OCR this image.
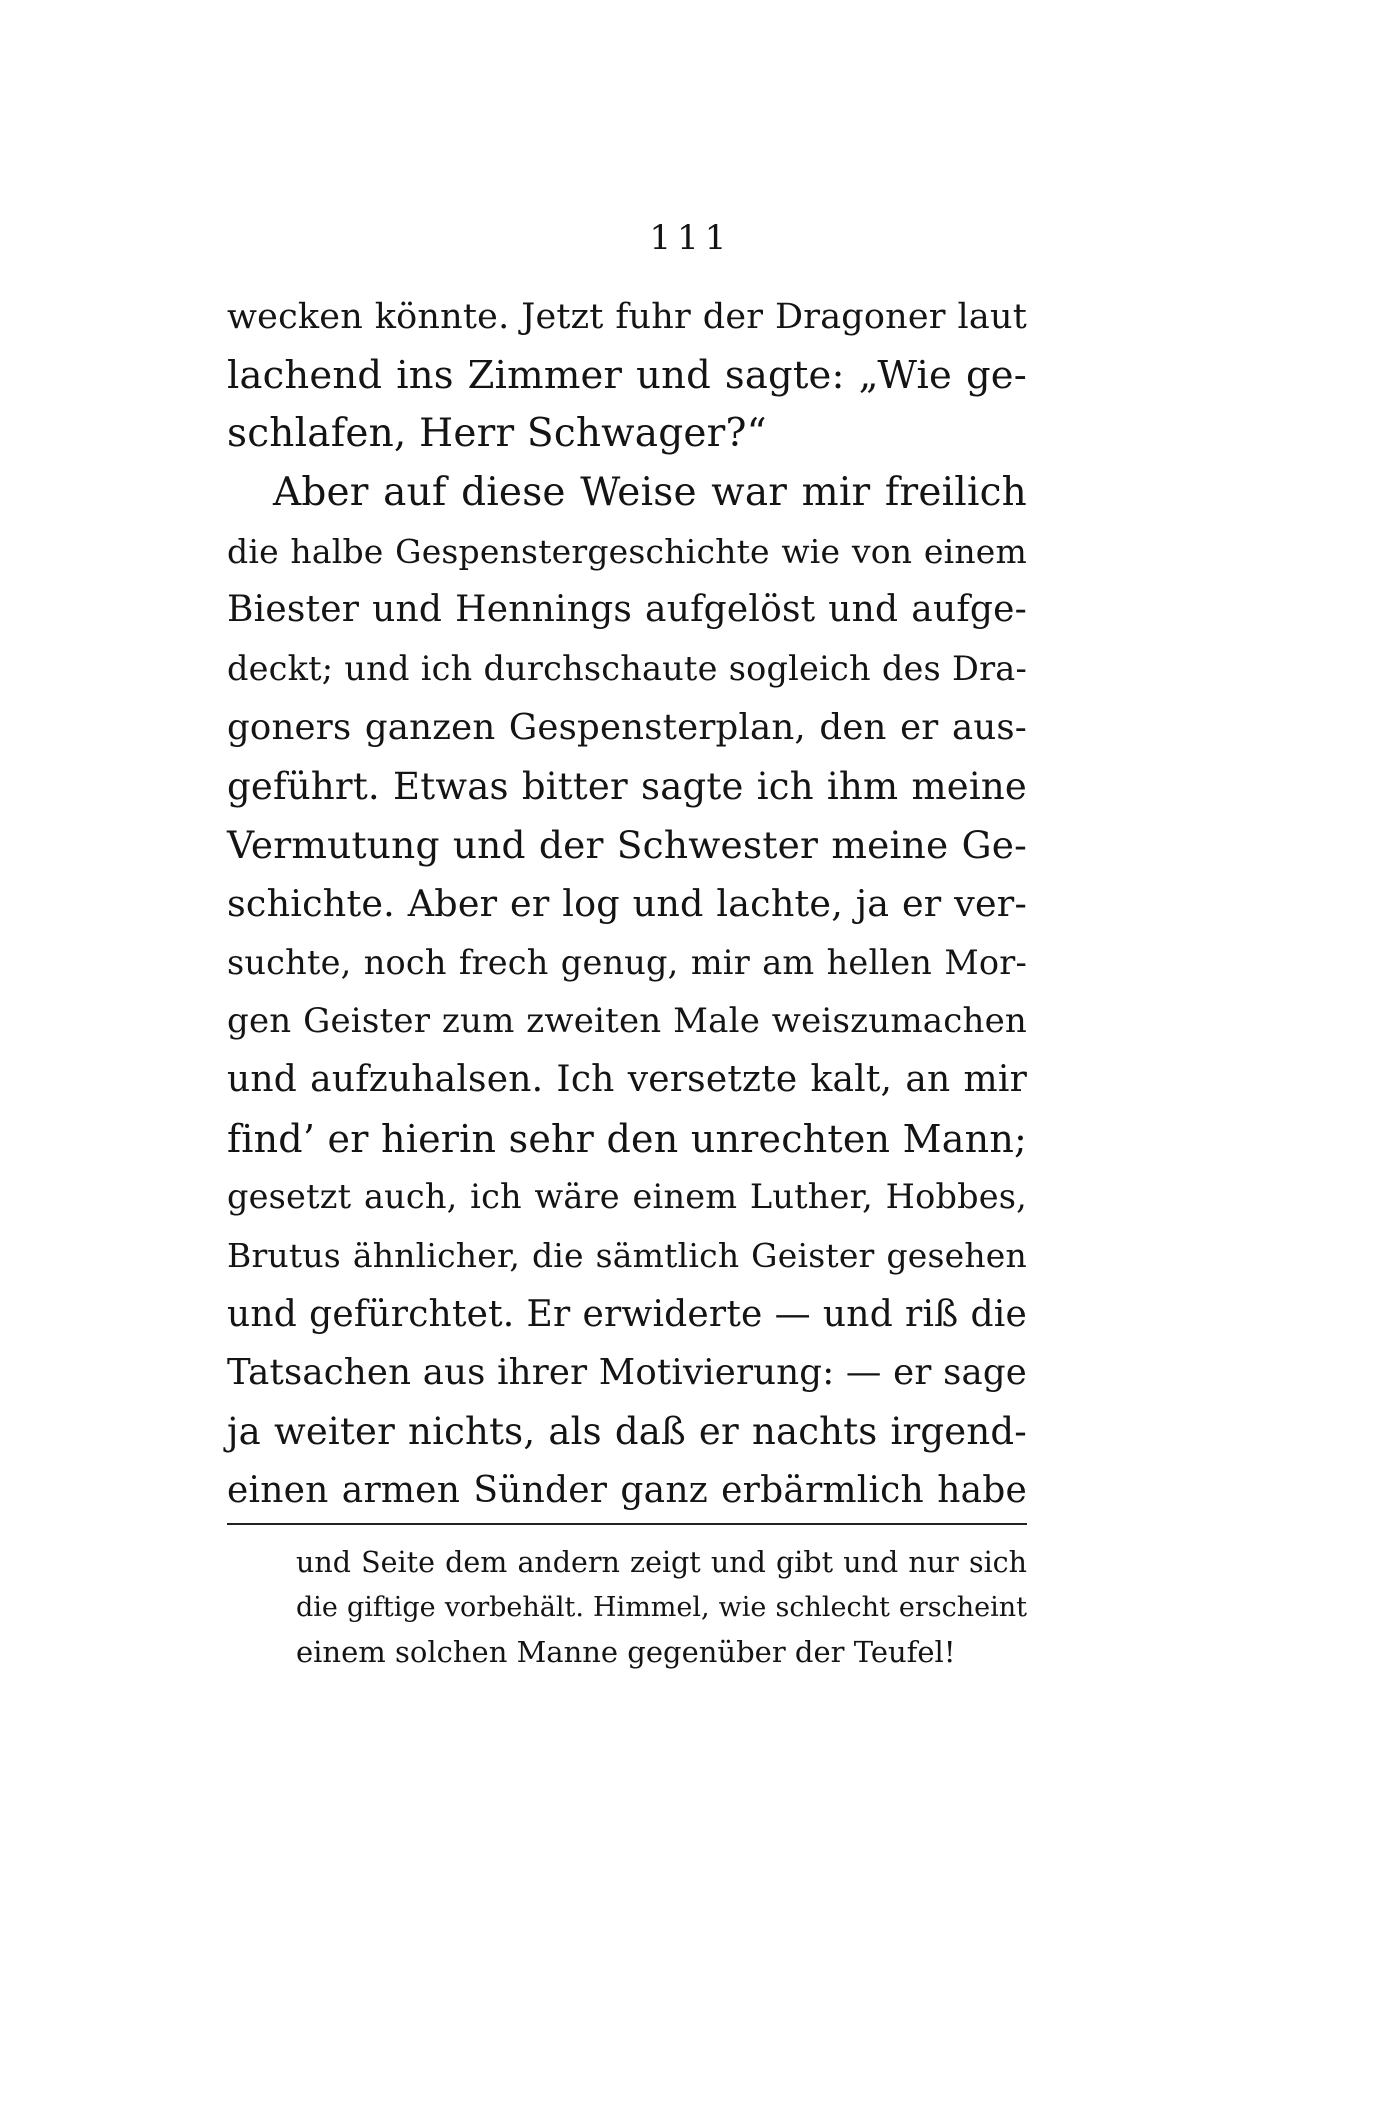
111
wecken könnte. Jetzt fuhr der Dragoner laut
lachend ins Zimmer und sagte: „Wie ge-
schlafen, Herr Schwager?“
Aber auf diese Weise war mir freilich
die halbe Gespenstergeschichte wie von einem
Biester und Hennings aufgelöst und aufge-
deckt; und ich durchschaute sogleich des Dra-
goners ganzen Gespensterplan, den er aus-
geführt. Etwas bitter sagte ich ihm meine
Vermutung und der Schwester meine Ge-
schichte. Aber er log und lachte, ja er ver-
suchte, noch frech genug, mir am hellen Mor-
gen Geister zum zweiten Male weiszumachen
und aufzuhalsen. Ich versetzte kalt, an mir
find’ er hierin sehr den unrechten Mann;
gesetzt auch, ich wäre einem Luther, Hobbes,
Brutus ähnlicher, die sämtlich Geister gesehen
und gefürchtet. Er erwiderte — und riß die
Tatsachen aus ihrer Motivierung: — er sage
ja weiter nichts, als daß er nachts irgend-
einen armen Sünder ganz erbärmlich habe
und Seite dem andern zeigt und gibt und nur sich
die giftige vorbehält. Himmel, wie schlecht erscheint
einem solchen Manne gegenüber der Teufel!
